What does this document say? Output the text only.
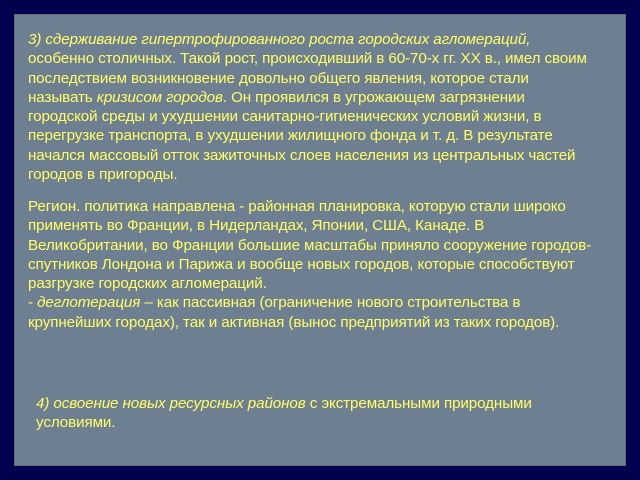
3) сдерживание гипертрофированного роста городских агломераций, особенно столичных. Такой рост, происходивший в 60-70-х гг. XX в., имел своим последствием возникновение довольно общего явления, которое стали называть кризисом городов. Он проявился в угрожающем загрязнении городской среды и ухудшении санитарно-гигиенических условий жизни, в перегрузке транспорта, в ухудшении жилищного фонда и т. д. В результате начался массовый отток зажиточных слоев населения из центральных частей городов в пригороды.

Регион. политика направлена - районная планировка, которую стали широко применять во Франции, в Нидерландах, Японии, США, Канаде. В Великобритании, во Франции большие масштабы приняло сооружение городов-спутников Лондона и Парижа и вообще новых городов, которые способствуют разгрузке городских агломераций.

- деглomерация – как пассивная (ограничение нового строительства в крупнейших городах), так и активная (вынос предприятий из таких городов).

4) освоение новых ресурсных районов с экстремальными природными условиями.
